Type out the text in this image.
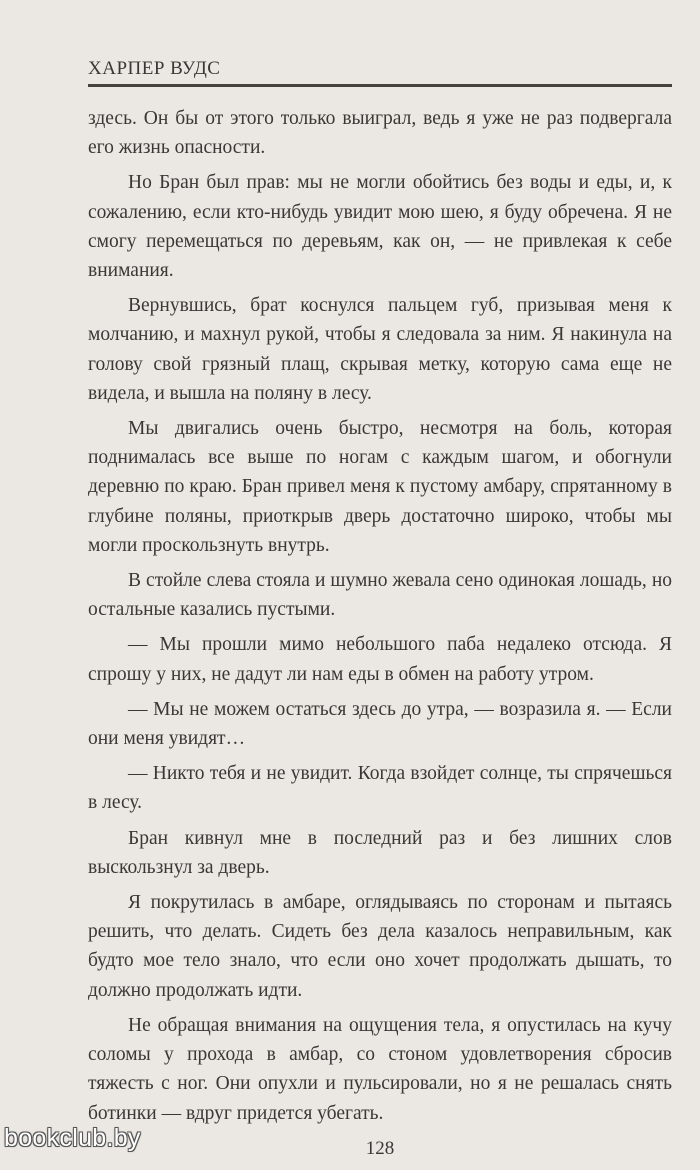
ХАРПЕР ВУДС

здесь. Он бы от этого только выиграл, ведь я уже не раз подвергала его жизнь опасности.

Но Бран был прав: мы не могли обойтись без воды и еды, и, к сожалению, если кто-нибудь увидит мою шею, я буду обречена. Я не смогу перемещаться по деревьям, как он, — не привлекая к себе внимания.

Вернувшись, брат коснулся пальцем губ, призывая меня к молчанию, и махнул рукой, чтобы я следовала за ним. Я накинула на голову свой грязный плащ, скрывая метку, которую сама еще не видела, и вышла на поляну в лесу.

Мы двигались очень быстро, несмотря на боль, которая поднималась все выше по ногам с каждым шагом, и обогнули деревню по краю. Бран привел меня к пустому амбару, спрятанному в глубине поляны, приоткрыв дверь достаточно широко, чтобы мы могли проскользнуть внутрь.

В стойле слева стояла и шумно жевала сено одинокая лошадь, но остальные казались пустыми.

— Мы прошли мимо небольшого паба недалеко отсюда. Я спрошу у них, не дадут ли нам еды в обмен на работу утром.

— Мы не можем остаться здесь до утра, — возразила я. — Если они меня увидят…

— Никто тебя и не увидит. Когда взойдет солнце, ты спрячешься в лесу.

Бран кивнул мне в последний раз и без лишних слов выскользнул за дверь.

Я покрутилась в амбаре, оглядываясь по сторонам и пытаясь решить, что делать. Сидеть без дела казалось неправильным, как будто мое тело знало, что если оно хочет продолжать дышать, то должно продолжать идти.

Не обращая внимания на ощущения тела, я опустилась на кучу соломы у прохода в амбар, со стоном удовлетворения сбросив тяжесть с ног. Они опухли и пульсировали, но я не решалась снять ботинки — вдруг придется убегать.

bookclub.by	128
